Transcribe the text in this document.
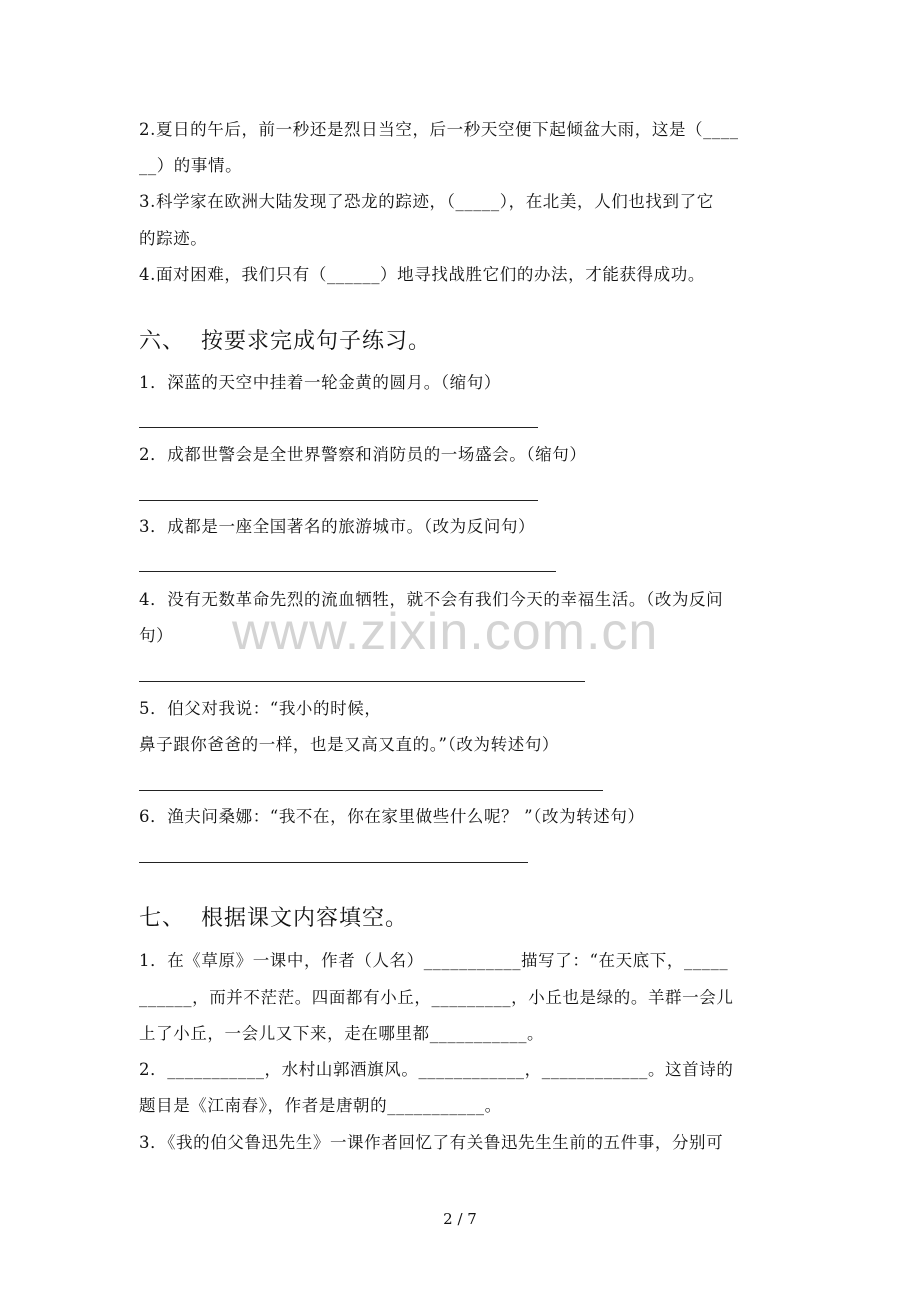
2.夏日的午后，前一秒还是烈日当空，后一秒天空便下起倾盆大雨，这是（____
__）的事情。
3.科学家在欧洲大陆发现了恐龙的踪迹，（_____），在北美，人们也找到了它
的踪迹。
4.面对困难，我们只有（______）地寻找战胜它们的办法，才能获得成功。
六、 按要求完成句子练习。
1．深蓝的天空中挂着一轮金黄的圆月。（缩句）
2．成都世警会是全世界警察和消防员的一场盛会。（缩句）
3．成都是一座全国著名的旅游城市。（改为反问句）
4．没有无数革命先烈的流血牺牲，就不会有我们今天的幸福生活。（改为反问
句）
5．伯父对我说：“我小的时候，
鼻子跟你爸爸的一样，也是又高又直的。”（改为转述句）
6．渔夫问桑娜：“我不在，你在家里做些什么呢？ ”（改为转述句）
七、 根据课文内容填空。
1．在《草原》一课中，作者（人名）___________描写了：“在天底下，_____
______，而并不茫茫。四面都有小丘，_________，小丘也是绿的。羊群一会儿
上了小丘，一会儿又下来，走在哪里都___________。
2．___________，水村山郭酒旗风。____________，____________。这首诗的
题目是《江南春》，作者是唐朝的___________。
3．《我的伯父鲁迅先生》一课作者回忆了有关鲁迅先生生前的五件事，分别可
www.zixin.com.cn
2 / 7
